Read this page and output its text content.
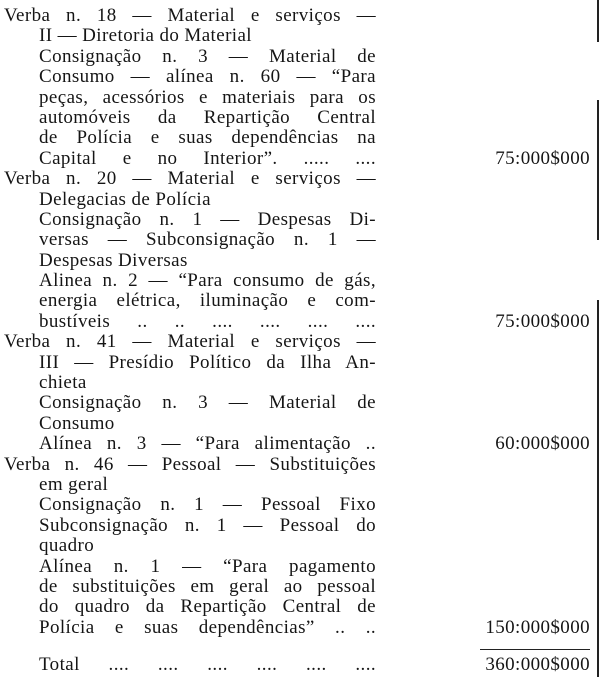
Verba n. 18 — Material e serviços —
II — Diretoria do Material
Consignação n. 3 — Material de
Consumo — alínea n. 60 — “Para
peças, acessórios e materiais para os
automóveis da Repartição Central
de Polícia e suas dependências na
Capital e no Interior”. ..... ....	75:000$000
Verba n. 20 — Material e serviços —
Delegacias de Polícia
Consignação n. 1 — Despesas Di-
versas — Subconsignação n. 1 —
Despesas Diversas
Alinea n. 2 — “Para consumo de gás,
energia elétrica, iluminação e com-
bustíveis .. .. .... .... .... ....	75:000$000
Verba n. 41 — Material e serviços —
III — Presídio Político da Ilha An-
chieta
Consignação n. 3 — Material de
Consumo
Alínea n. 3 — “Para alimentação ..	60:000$000
Verba n. 46 — Pessoal — Substituições
em geral
Consignação n. 1 — Pessoal Fixo
Subconsignação n. 1 — Pessoal do
quadro
Alínea n. 1 — “Para pagamento
de substituições em geral ao pessoal
do quadro da Repartição Central de
Polícia e suas dependências” .. ..	150:000$000
Total .... .... .... .... .... ....	360:000$000
